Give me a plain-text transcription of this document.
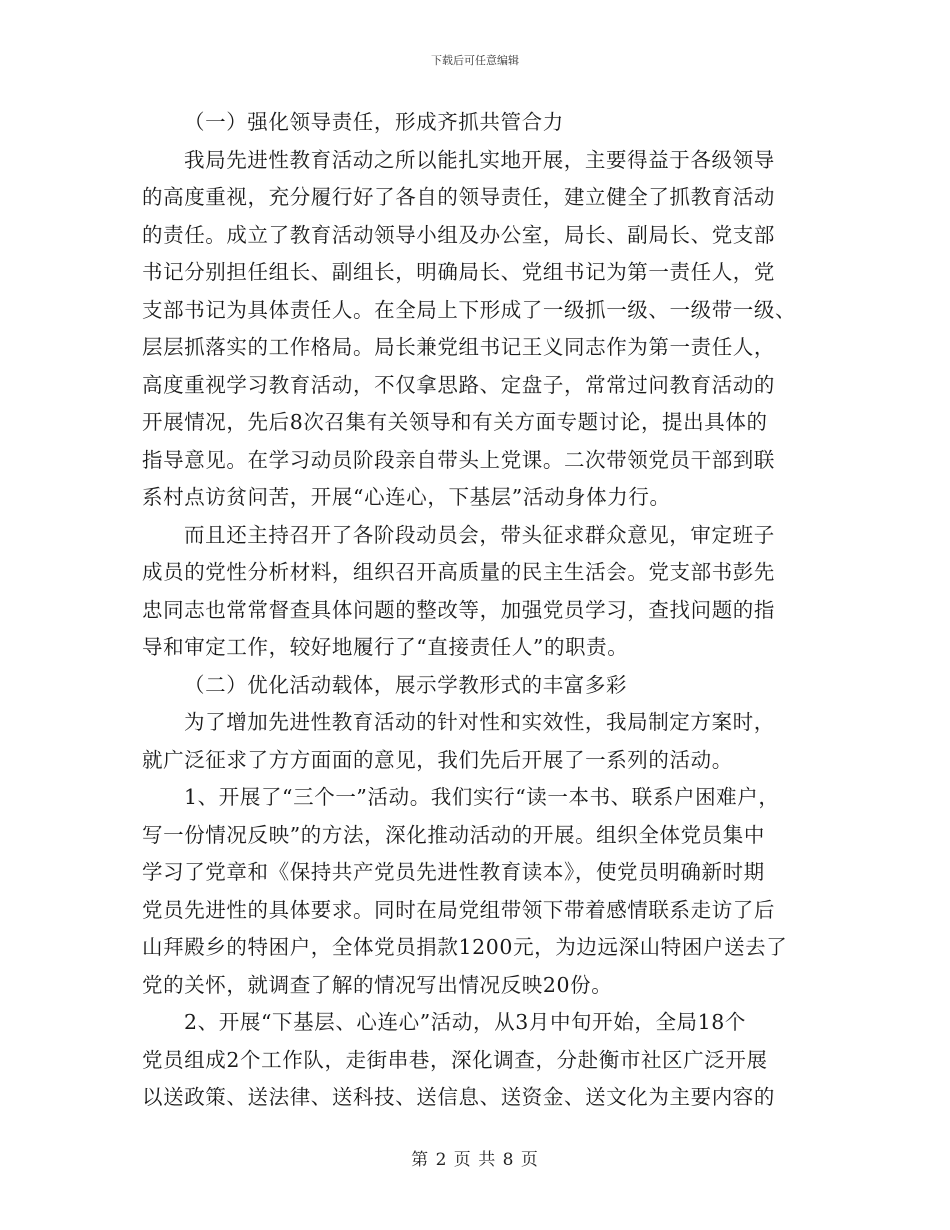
下载后可任意编辑
（一）强化领导责任，形成齐抓共管合力
我局先进性教育活动之所以能扎实地开展，主要得益于各级领导
的高度重视，充分履行好了各自的领导责任，建立健全了抓教育活动
的责任。成立了教育活动领导小组及办公室，局长、副局长、党支部
书记分别担任组长、副组长，明确局长、党组书记为第一责任人，党
支部书记为具体责任人。在全局上下形成了一级抓一级、一级带一级、
层层抓落实的工作格局。局长兼党组书记王义同志作为第一责任人，
高度重视学习教育活动，不仅拿思路、定盘子，常常过问教育活动的
开展情况，先后8次召集有关领导和有关方面专题讨论，提出具体的
指导意见。在学习动员阶段亲自带头上党课。二次带领党员干部到联
系村点访贫问苦，开展“心连心，下基层”活动身体力行。
而且还主持召开了各阶段动员会，带头征求群众意见，审定班子
成员的党性分析材料，组织召开高质量的民主生活会。党支部书彭先
忠同志也常常督查具体问题的整改等，加强党员学习，查找问题的指
导和审定工作，较好地履行了“直接责任人”的职责。
（二）优化活动载体，展示学教形式的丰富多彩
为了增加先进性教育活动的针对性和实效性，我局制定方案时，
就广泛征求了方方面面的意见，我们先后开展了一系列的活动。
1、开展了“三个一”活动。我们实行“读一本书、联系户困难户，
写一份情况反映”的方法，深化推动活动的开展。组织全体党员集中
学习了党章和《保持共产党员先进性教育读本》，使党员明确新时期
党员先进性的具体要求。同时在局党组带领下带着感情联系走访了后
山拜殿乡的特困户，全体党员捐款1200元，为边远深山特困户送去了
党的关怀，就调查了解的情况写出情况反映20份。
2、开展“下基层、心连心”活动，从3月中旬开始，全局18个
党员组成2个工作队，走街串巷，深化调查，分赴衡市社区广泛开展
以送政策、送法律、送科技、送信息、送资金、送文化为主要内容的
第 2 页 共 8 页
